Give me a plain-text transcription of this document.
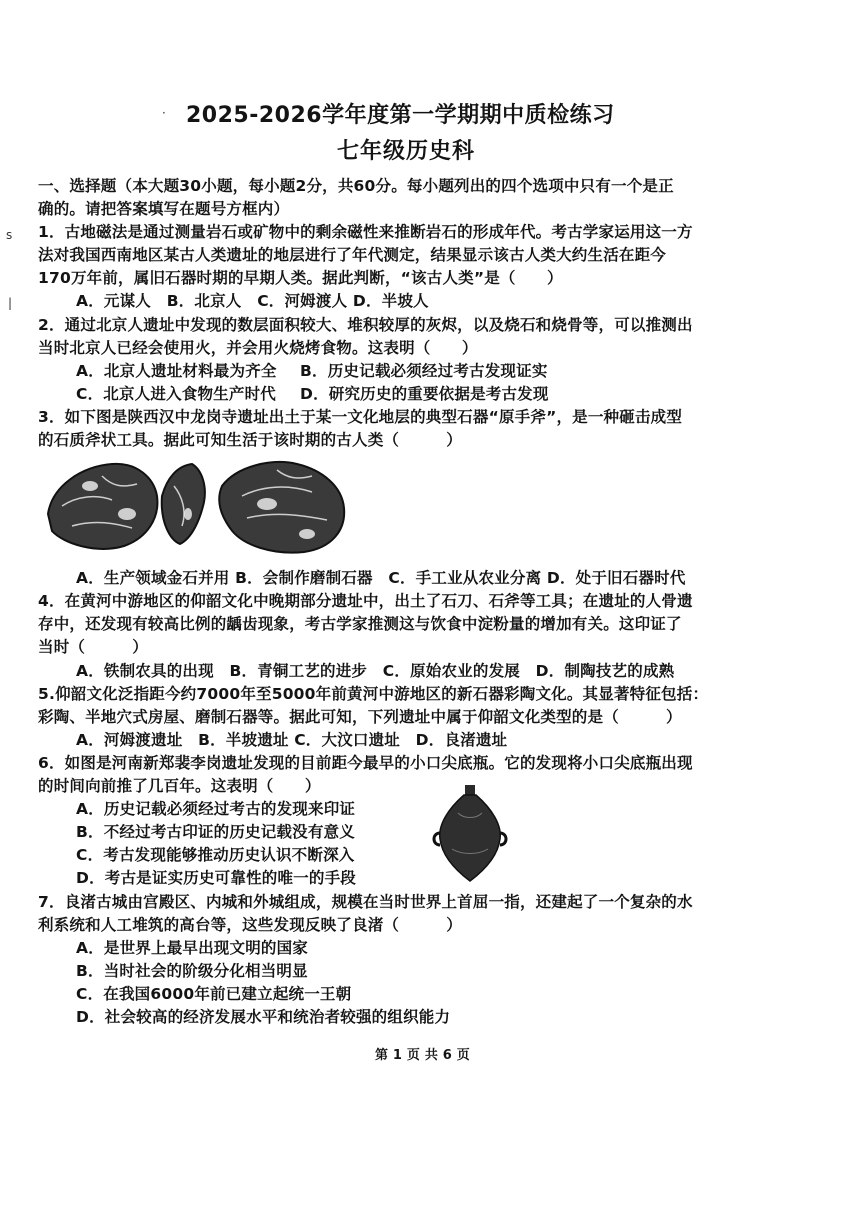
·
s
|
2025-2026学年度第一学期期中质检练习
七年级历史科
一、选择题（本大题30小题，每小题2分，共60分。每小题列出的四个选项中只有一个是正
确的。请把答案填写在题号方框内）
1．古地磁法是通过测量岩石或矿物中的剩余磁性来推断岩石的形成年代。考古学家运用这一方
法对我国西南地区某古人类遗址的地层进行了年代测定，结果显示该古人类大约生活在距今
170万年前，属旧石器时期的早期人类。据此判断，“该古人类”是（　　）
A．元谋人　B．北京人　C．河姆渡人 D．半坡人
2．通过北京人遗址中发现的数层面积较大、堆积较厚的灰烬，以及烧石和烧骨等，可以推测出
当时北京人已经会使用火，并会用火烧烤食物。这表明（　　）
A．北京人遗址材料最为齐全 B．历史记载必须经过考古发现证实
C．北京人进入食物生产时代 D．研究历史的重要依据是考古发现
3．如下图是陕西汉中龙岗寺遗址出土于某一文化地层的典型石器“原手斧”，是一种砸击成型
的石质斧状工具。据此可知生活于该时期的古人类（　　　）
A．生产领域金石并用 B．会制作磨制石器　C．手工业从农业分离 D．处于旧石器时代
4．在黄河中游地区的仰韶文化中晚期部分遗址中，出土了石刀、石斧等工具；在遗址的人骨遗
存中，还发现有较高比例的龋齿现象，考古学家推测这与饮食中淀粉量的增加有关。这印证了
当时（　　　）
A．铁制农具的出现　B．青铜工艺的进步　C．原始农业的发展　D．制陶技艺的成熟
5.仰韶文化泛指距今约7000年至5000年前黄河中游地区的新石器彩陶文化。其显著特征包括：
彩陶、半地穴式房屋、磨制石器等。据此可知，下列遗址中属于仰韶文化类型的是（　　　）
A．河姆渡遗址　B．半坡遗址 C．大汶口遗址　D．良渚遗址
6．如图是河南新郑裴李岗遗址发现的目前距今最早的小口尖底瓶。它的发现将小口尖底瓶出现
的时间向前推了几百年。这表明（　　）
A．历史记载必须经过考古的发现来印证
B．不经过考古印证的历史记载没有意义
C．考古发现能够推动历史认识不断深入
D．考古是证实历史可靠性的唯一的手段
7．良渚古城由宫殿区、内城和外城组成，规模在当时世界上首屈一指，还建起了一个复杂的水
利系统和人工堆筑的高台等，这些发现反映了良渚（　　　）
A．是世界上最早出现文明的国家
B．当时社会的阶级分化相当明显
C．在我国6000年前已建立起统一王朝
D．社会较高的经济发展水平和统治者较强的组织能力
第 1 页 共 6 页
